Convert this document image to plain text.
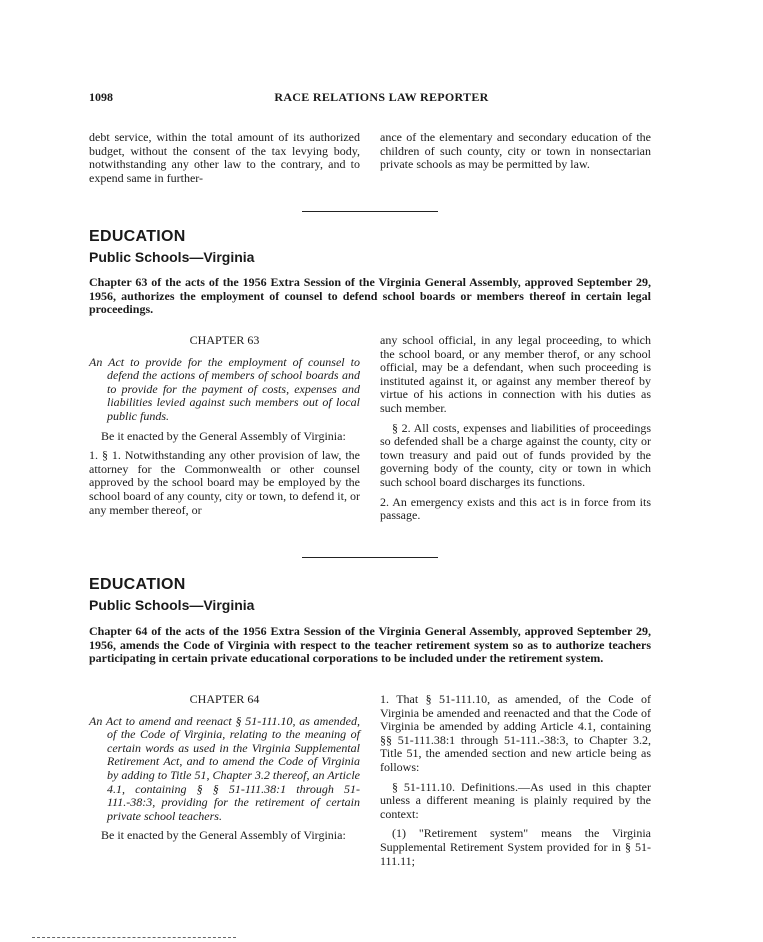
1098	RACE RELATIONS LAW REPORTER

debt service, within the total amount of its authorized budget, without the consent of the tax levying body, notwithstanding any other law to the contrary, and to expend same in further-

ance of the elementary and secondary education of the children of such county, city or town in nonsectarian private schools as may be permitted by law.

EDUCATION
Public Schools—Virginia
Chapter 63 of the acts of the 1956 Extra Session of the Virginia General Assembly, approved September 29, 1956, authorizes the employment of counsel to defend school boards or members thereof in certain legal proceedings.

CHAPTER 63

An Act to provide for the employment of counsel to defend the actions of members of school boards and to provide for the payment of costs, expenses and liabilities levied against such members out of local public funds.

Be it enacted by the General Assembly of Virginia:

1. § 1. Notwithstanding any other provision of law, the attorney for the Commonwealth or other counsel approved by the school board may be employed by the school board of any county, city or town, to defend it, or any member thereof, or

any school official, in any legal proceeding, to which the school board, or any member therof, or any school official, may be a defendant, when such proceeding is instituted against it, or against any member thereof by virtue of his actions in connection with his duties as such member.

§ 2. All costs, expenses and liabilities of proceedings so defended shall be a charge against the county, city or town treasury and paid out of funds provided by the governing body of the county, city or town in which such school board discharges its functions.

2. An emergency exists and this act is in force from its passage.

EDUCATION
Public Schools—Virginia
Chapter 64 of the acts of the 1956 Extra Session of the Virginia General Assembly, approved September 29, 1956, amends the Code of Virginia with respect to the teacher retirement system so as to authorize teachers participating in certain private educational corporations to be included under the retirement system.

CHAPTER 64

An Act to amend and reenact § 51-111.10, as amended, of the Code of Virginia, relating to the meaning of certain words as used in the Virginia Supplemental Retirement Act, and to amend the Code of Virginia by adding to Title 51, Chapter 3.2 thereof, an Article 4.1, containing § § 51-111.38:1 through 51-111.-38:3, providing for the retirement of certain private school teachers.

Be it enacted by the General Assembly of Virginia:

1. That § 51-111.10, as amended, of the Code of Virginia be amended and reenacted and that the Code of Virginia be amended by adding Article 4.1, containing §§ 51-111.38:1 through 51-111.-38:3, to Chapter 3.2, Title 51, the amended section and new article being as follows:

§ 51-111.10. Definitions.—As used in this chapter unless a different meaning is plainly required by the context:

(1) "Retirement system" means the Virginia Supplemental Retirement System provided for in § 51-111.11;
